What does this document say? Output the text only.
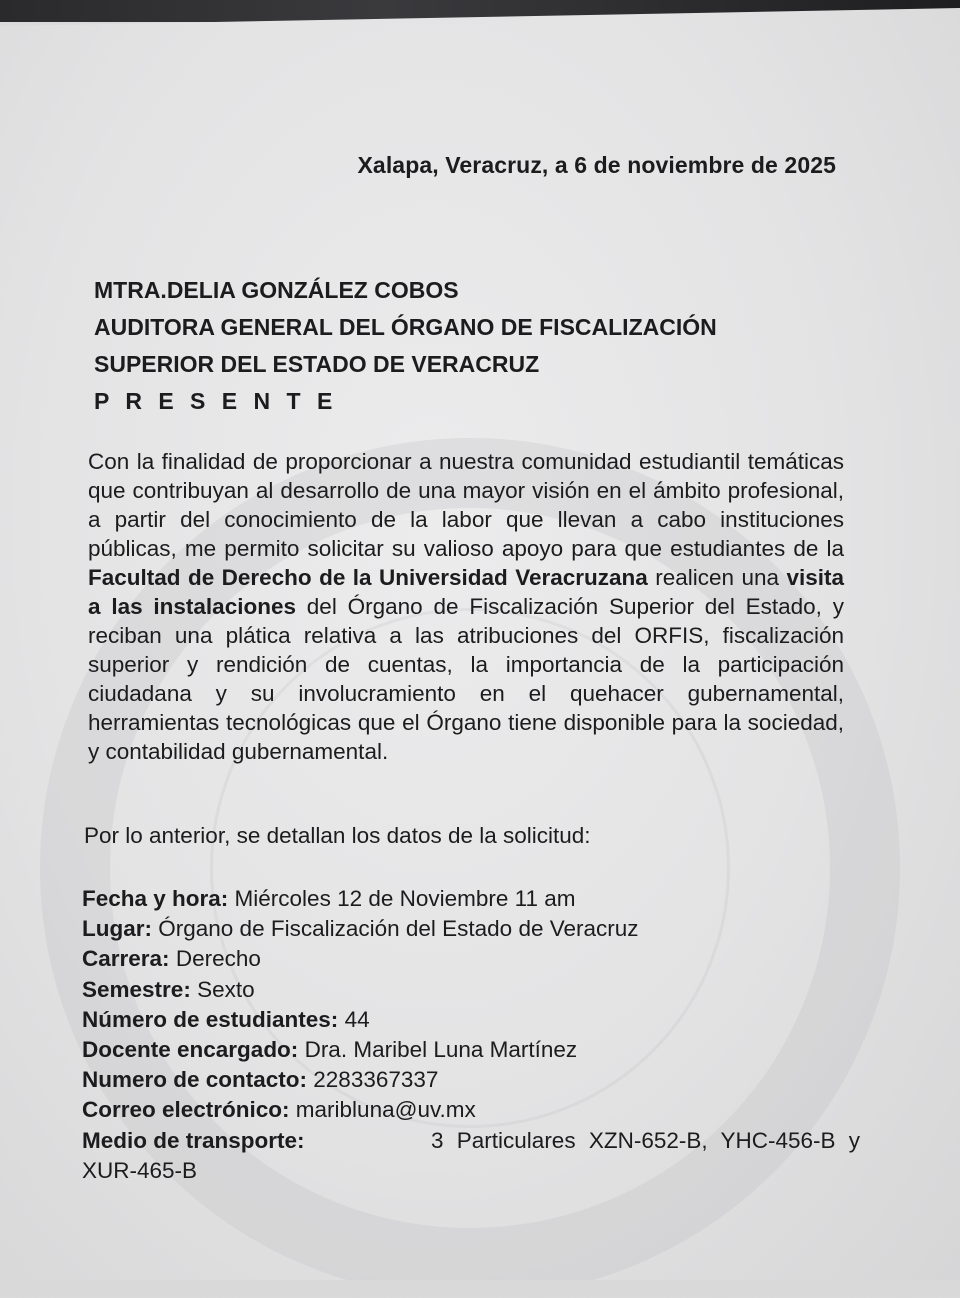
Xalapa, Veracruz, a 6 de noviembre de 2025
MTRA.DELIA GONZÁLEZ COBOS
AUDITORA GENERAL DEL ÓRGANO DE FISCALIZACIÓN
SUPERIOR DEL ESTADO DE VERACRUZ
P R E S E N T E
Con la finalidad de proporcionar a nuestra comunidad estudiantil temáticas que contribuyan al desarrollo de una mayor visión en el ámbito profesional, a partir del conocimiento de la labor que llevan a cabo instituciones públicas, me permito solicitar su valioso apoyo para que estudiantes de la Facultad de Derecho de la Universidad Veracruzana realicen una visita a las instalaciones del Órgano de Fiscalización Superior del Estado, y reciban una plática relativa a las atribuciones del ORFIS, fiscalización superior y rendición de cuentas, la importancia de la participación ciudadana y su involucramiento en el quehacer gubernamental, herramientas tecnológicas que el Órgano tiene disponible para la sociedad, y contabilidad gubernamental.
Por lo anterior, se detallan los datos de la solicitud:
Fecha y hora: Miércoles 12 de Noviembre 11 am
Lugar: Órgano de Fiscalización del Estado de Veracruz
Carrera: Derecho
Semestre: Sexto
Número de estudiantes: 44
Docente encargado: Dra. Maribel Luna Martínez
Numero de contacto: 2283367337
Correo electrónico: maribluna@uv.mx
Medio de transporte:	3 Particulares XZN-652-B, YHC-456-B y
XUR-465-B
